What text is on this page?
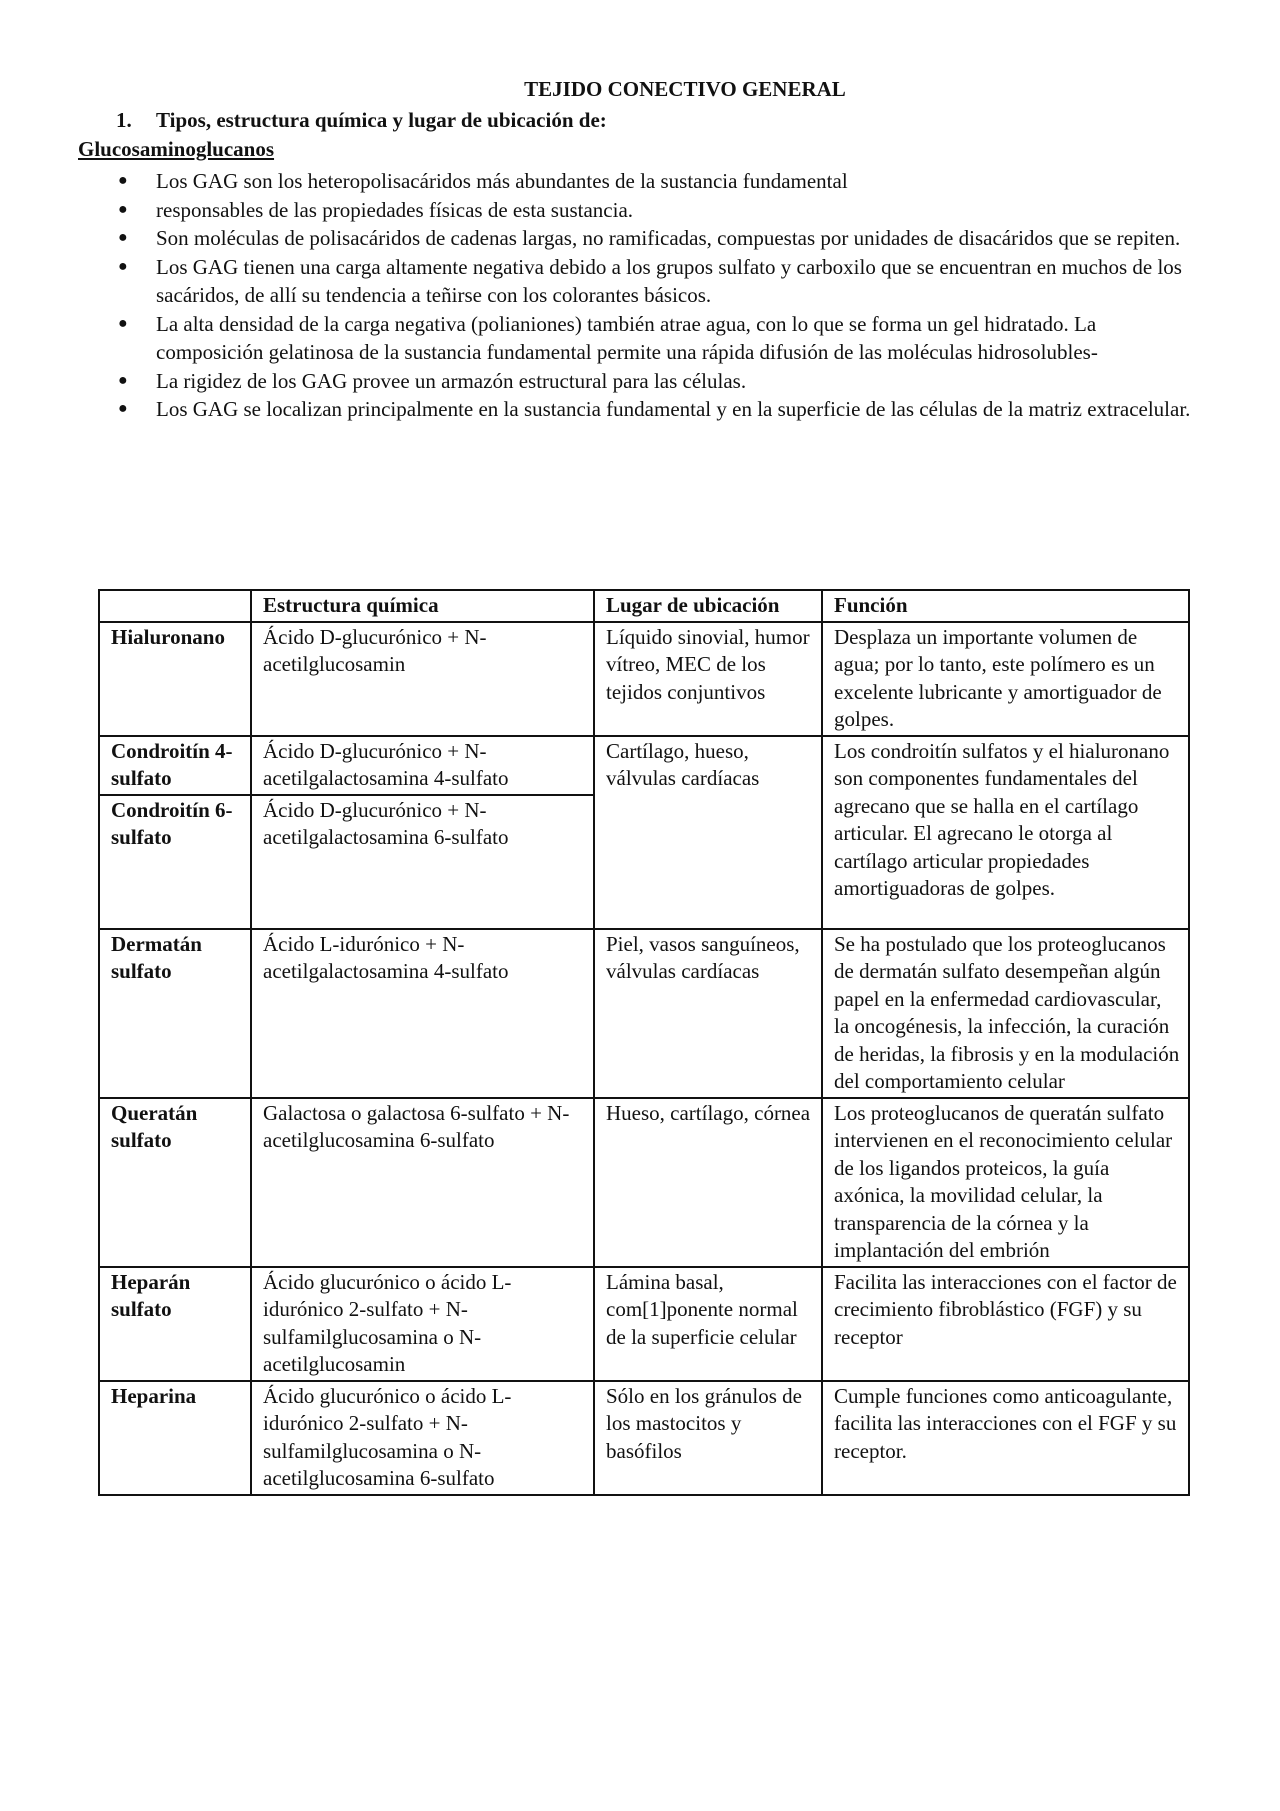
TEJIDO CONECTIVO GENERAL

1. Tipos, estructura química y lugar de ubicación de:

Glucosaminoglucanos

●	Los GAG son los heteropolisacáridos más abundantes de la sustancia fundamental
●	responsables de las propiedades físicas de esta sustancia.
●	Son moléculas de polisacáridos de cadenas largas, no ramificadas, compuestas por unidades de disacáridos que se repiten.
●	Los GAG tienen una carga altamente negativa debido a los grupos sulfato y carboxilo que se encuentran en muchos de los sacáridos, de allí su tendencia a teñirse con los colorantes básicos.
●	La alta densidad de la carga negativa (polianiones) también atrae agua, con lo que se forma un gel hidratado. La composición gelatinosa de la sustancia fundamental permite una rápida difusión de las moléculas hidrosolubles-
●	La rigidez de los GAG provee un armazón estructural para las células.
●	Los GAG se localizan principalmente en la sustancia fundamental y en la superficie de las células de la matriz extracelular.
	Estructura química	Lugar de ubicación	Función
Hialuronano	Ácido D-glucurónico + N-acetilglucosamin	Líquido sinovial, humor vítreo, MEC de los tejidos conjuntivos	Desplaza un importante volumen de agua; por lo tanto, este polímero es un excelente lubricante y amortiguador de golpes.
Condroitín 4-sulfato	Ácido D-glucurónico + N-acetilgalactosamina 4-sulfato	Cartílago, hueso, válvulas cardíacas	Los condroitín sulfatos y el hialuronano son componentes fundamentales del agrecano que se halla en el cartílago articular. El agrecano le otorga al cartílago articular propiedades amortiguadoras de golpes.
Condroitín 6-sulfato	Ácido D-glucurónico + N-acetilgalactosamina 6-sulfato		
Dermatán sulfato	Ácido L-idurónico + N-acetilgalactosamina 4-sulfato	Piel, vasos sanguíneos, válvulas cardíacas	Se ha postulado que los proteoglucanos de dermatán sulfato desempeñan algún papel en la enfermedad cardiovascular, la oncogénesis, la infección, la curación de heridas, la fibrosis y en la modulación del comportamiento celular
Queratán sulfato	Galactosa o galactosa 6-sulfato + N-acetilglucosamina 6-sulfato	Hueso, cartílago, córnea	Los proteoglucanos de queratán sulfato intervienen en el reconocimiento celular de los ligandos proteicos, la guía axónica, la movilidad celular, la transparencia de la córnea y la implantación del embrión
Heparán sulfato	Ácido glucurónico o ácido L-idurónico 2-sulfato + N-sulfamilglucosamina o N-acetilglucosamin	Lámina basal, com[1]ponente normal de la superficie celular	Facilita las interacciones con el factor de crecimiento fibroblástico (FGF) y su receptor
Heparina	Ácido glucurónico o ácido L-idurónico 2-sulfato + N-sulfamilglucosamina o N-acetilglucosamina 6-sulfato	Sólo en los gránulos de los mastocitos y basófilos	Cumple funciones como anticoagulante, facilita las interacciones con el FGF y su receptor.
